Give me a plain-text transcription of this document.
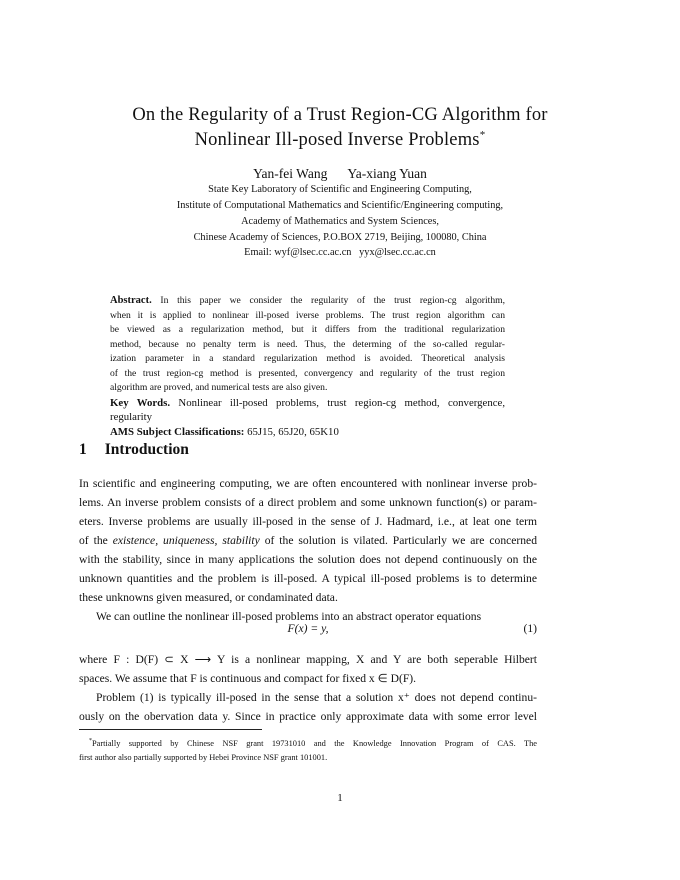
On the Regularity of a Trust Region-CG Algorithm for
Nonlinear Ill-posed Inverse Problems*
Yan-fei Wang Ya-xiang Yuan
State Key Laboratory of Scientific and Engineering Computing,
Institute of Computational Mathematics and Scientific/Engineering computing,
Academy of Mathematics and System Sciences,
Chinese Academy of Sciences, P.O.BOX 2719, Beijing, 100080, China
Email: wyf@lsec.cc.ac.cn   yyx@lsec.cc.ac.cn
Abstract. In this paper we consider the regularity of the trust region-cg algorithm,
when it is applied to nonlinear ill-posed iverse problems. The trust region algorithm can
be viewed as a regularization method, but it differs from the traditional regularization
method, because no penalty term is need. Thus, the determing of the so-called regular-
ization parameter in a standard regularization method is avoided. Theoretical analysis
of the trust region-cg method is presented, convergency and regularity of the trust region
algorithm are proved, and numerical tests are also given.
Key Words. Nonlinear ill-posed problems, trust region-cg method, convergence,
regularity
AMS Subject Classifications: 65J15, 65J20, 65K10
1 Introduction
In scientific and engineering computing, we are often encountered with nonlinear inverse prob-
lems. An inverse problem consists of a direct problem and some unknown function(s) or param-
eters. Inverse problems are usually ill-posed in the sense of J. Hadmard, i.e., at leat one term
of the existence, uniqueness, stability of the solution is vilated. Particularly we are concerned
with the stability, since in many applications the solution does not depend continuously on the
unknown quantities and the problem is ill-posed. A typical ill-posed problems is to determine
these unknowns given measured, or condaminated data.
We can outline the nonlinear ill-posed problems into an abstract operator equations
F(x) = y,	(1)
where F : D(F) ⊂ X ⟶ Y is a nonlinear mapping, X and Y are both seperable Hilbert
spaces. We assume that F is continuous and compact for fixed x ∈ D(F).
Problem (1) is typically ill-posed in the sense that a solution x⁺ does not depend continu-
ously on the obervation data y. Since in practice only approximate data with some error level
*Partially supported by Chinese NSF grant 19731010 and the Knowledge Innovation Program of CAS. The
first author also partially supported by Hebei Province NSF grant 101001.
1
